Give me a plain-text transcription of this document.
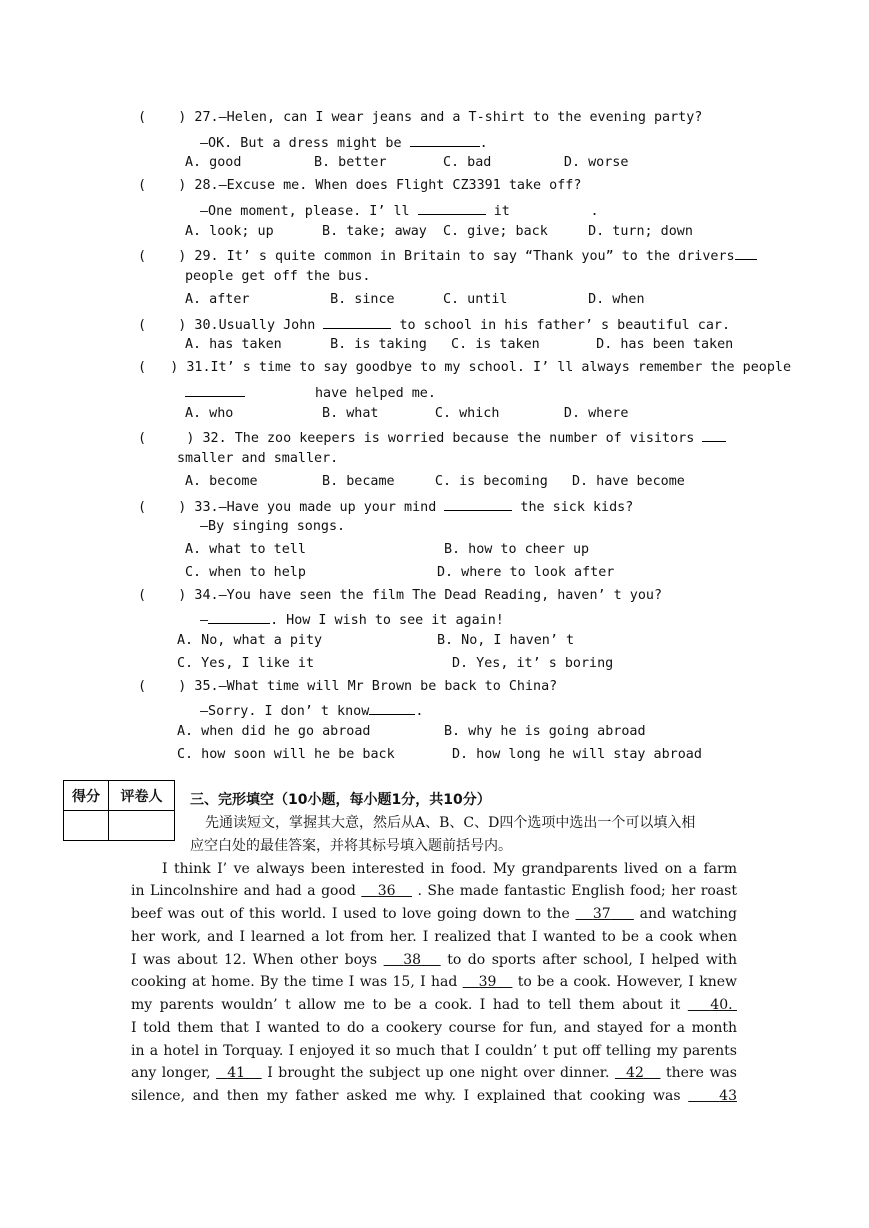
(    ) 27.—Helen, can I wear jeans and a T-shirt to the evening party?
—OK. But a dress might be	.
A. good         B. better       C. bad         D. worse
(    ) 28.—Excuse me. When does Flight CZ3391 take off?
—One moment, please. I’ ll	it          .
A. look; up      B. take; away  C. give; back     D. turn; down
(    ) 29. It’ s quite common in Britain to say “Thank you” to the drivers
people get off the bus.
A. after          B. since      C. until          D. when
(    ) 30.Usually John	to school in his father’ s beautiful car.
A. has taken      B. is taking   C. is taken       D. has been taken
(   ) 31.It’ s time to say goodbye to my school. I’ ll always remember the people
have helped me.
A. who           B. what       C. which        D. where
(     ) 32. The zoo keepers is worried because the number of visitors
smaller and smaller.
A. become        B. became     C. is becoming   D. have become
(    ) 33.—Have you made up your mind	the sick kids?
—By singing songs.
A. what to tell	B. how to cheer up
C. when to help	D. where to look after
(    ) 34.—You have seen the film The Dead Reading, haven’ t you?
—	. How I wish to see it again!
A. No, what a pity	B. No, I haven’ t
C. Yes, I like it	D. Yes, it’ s boring
(    ) 35.—What time will Mr Brown be back to China?
—Sorry. I don’ t know	.
A. when did he go abroad	B. why he is going abroad
C. how soon will he be back	D. how long he will stay abroad
得分	评卷人
	三、完形填空（10小题，每小题1分，共10分）
先通读短文，掌握其大意，然后从A、B、C、D四个选项中选出一个可以填入相
应空白处的最佳答案，并将其标号填入题前括号内。
I think I’ ve always been interested in food. My grandparents lived on a farm
in Lincolnshire and had a good    36 . She made fantastic English food; her roast
beef was out of this world. I used to love going down to the    37     and watching
her work, and I learned a lot from her. I realized that I wanted to be a cook when
I was about 12. When other boys    38    to do sports after school, I helped with
cooking at home. By the time I was 15, I had    39    to be a cook. However, I knew
my parents wouldn’ t allow me to be a cook. I had to tell them about it    40.
I told them that I wanted to do a cookery course for fun, and stayed for a month
in a hotel in Torquay. I enjoyed it so much that I couldn’ t put off telling my parents
any longer,   41    I brought the subject up one night over dinner.   42    there was
silence, and then my father asked me why. I explained that cooking was     43
